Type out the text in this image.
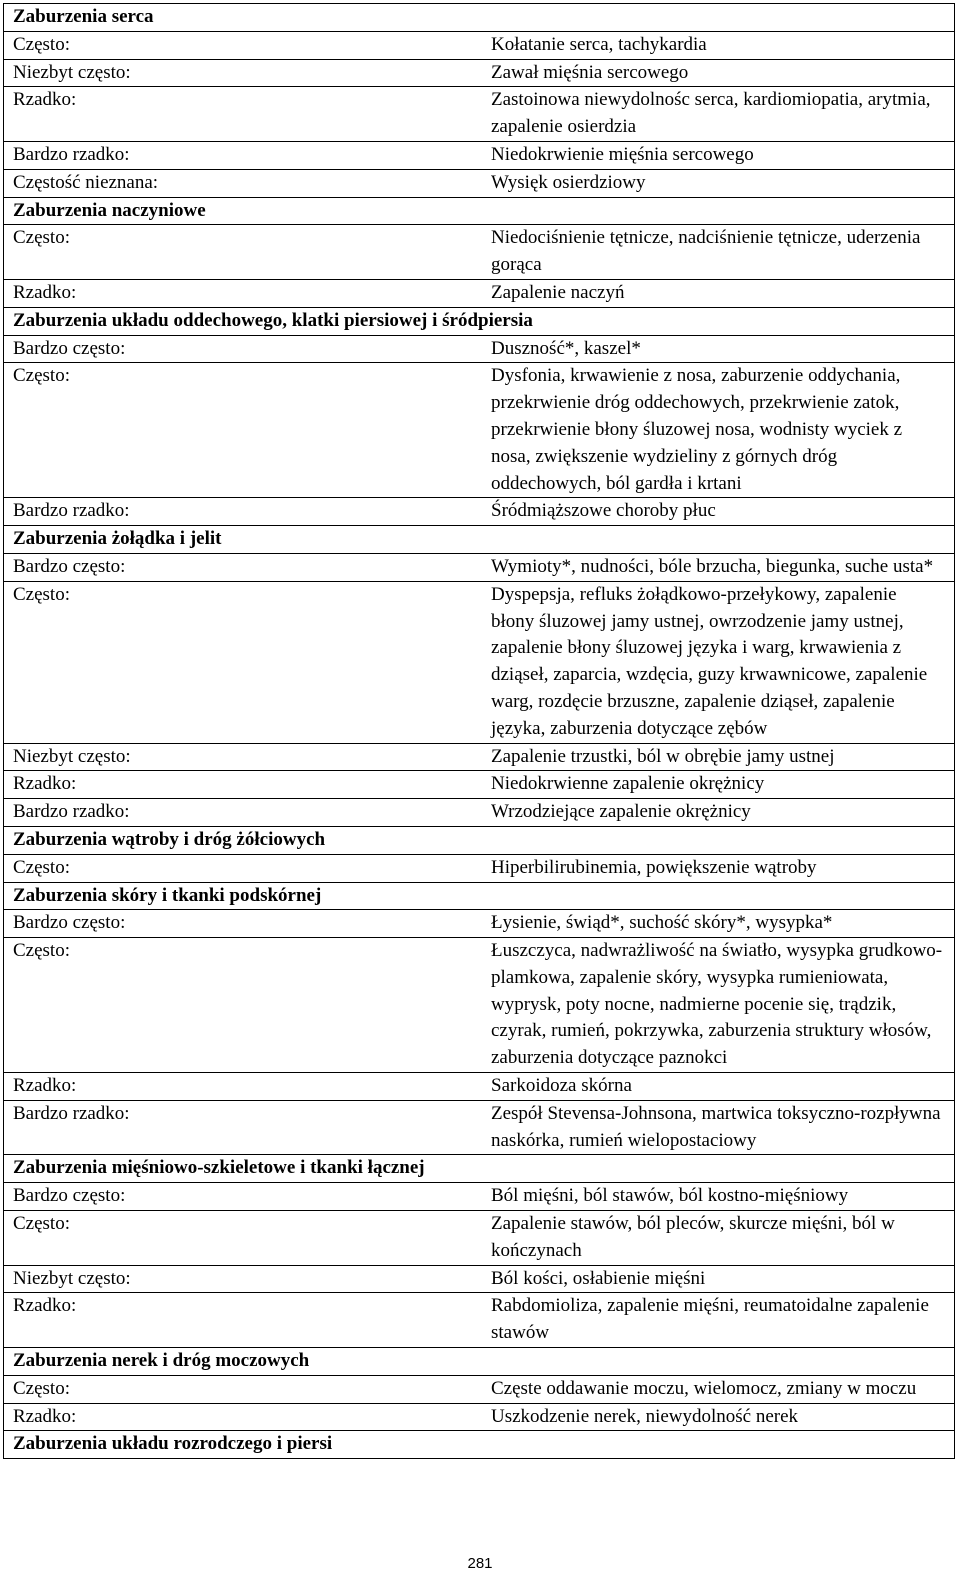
Zaburzenia serca	
Często:	Kołatanie serca, tachykardia
Niezbyt często:	Zawał mięśnia sercowego
Rzadko:	Zastoinowa niewydolnośc serca, kardiomiopatia, arytmia, zapalenie osierdzia
Bardzo rzadko:	Niedokrwienie mięśnia sercowego
Częstość nieznana:	Wysięk osierdziowy
Zaburzenia naczyniowe	
Często:	Niedociśnienie tętnicze, nadciśnienie tętnicze, uderzenia gorąca
Rzadko:	Zapalenie naczyń
Zaburzenia układu oddechowego, klatki piersiowej i śródpiersia	
Bardzo często:	Duszność*, kaszel*
Często:	Dysfonia, krwawienie z nosa, zaburzenie oddychania, przekrwienie dróg oddechowych, przekrwienie zatok, przekrwienie błony śluzowej nosa, wodnisty wyciek z nosa, zwiększenie wydzieliny z górnych dróg oddechowych, ból gardła i krtani
Bardzo rzadko:	Śródmiąższowe choroby płuc
Zaburzenia żołądka i jelit	
Bardzo często:	Wymioty*, nudności, bóle brzucha, biegunka, suche usta*
Często:	Dyspepsja, refluks żołądkowo-przełykowy, zapalenie błony śluzowej jamy ustnej, owrzodzenie jamy ustnej, zapalenie błony śluzowej języka i warg, krwawienia z dziąseł, zaparcia, wzdęcia, guzy krwawnicowe, zapalenie warg, rozdęcie brzuszne, zapalenie dziąseł, zapalenie języka, zaburzenia dotyczące zębów
Niezbyt często:	Zapalenie trzustki, ból w obrębie jamy ustnej
Rzadko:	Niedokrwienne zapalenie okrężnicy
Bardzo rzadko:	Wrzodziejące zapalenie okrężnicy
Zaburzenia wątroby i dróg żółciowych	
Często:	Hiperbilirubinemia, powiększenie wątroby
Zaburzenia skóry i tkanki podskórnej	
Bardzo często:	Łysienie, świąd*, suchość skóry*, wysypka*
Często:	Łuszczyca, nadwrażliwość na światło, wysypka grudkowo-plamkowa, zapalenie skóry, wysypka rumieniowata, wyprysk, poty nocne, nadmierne pocenie się, trądzik, czyrak, rumień, pokrzywka, zaburzenia struktury włosów, zaburzenia dotyczące paznokci
Rzadko:	Sarkoidoza skórna
Bardzo rzadko:	Zespół Stevensa-Johnsona, martwica toksyczno-rozpływna naskórka, rumień wielopostaciowy
Zaburzenia mięśniowo-szkieletowe i tkanki łącznej	
Bardzo często:	Ból mięśni, ból stawów, ból kostno-mięśniowy
Często:	Zapalenie stawów, ból pleców, skurcze mięśni, ból w kończynach
Niezbyt często:	Ból kości, osłabienie mięśni
Rzadko:	Rabdomioliza, zapalenie mięśni, reumatoidalne zapalenie stawów
Zaburzenia nerek i dróg moczowych	
Często:	Częste oddawanie moczu, wielomocz, zmiany w moczu
Rzadko:	Uszkodzenie nerek, niewydolność nerek
Zaburzenia układu rozrodczego i piersi	
281
